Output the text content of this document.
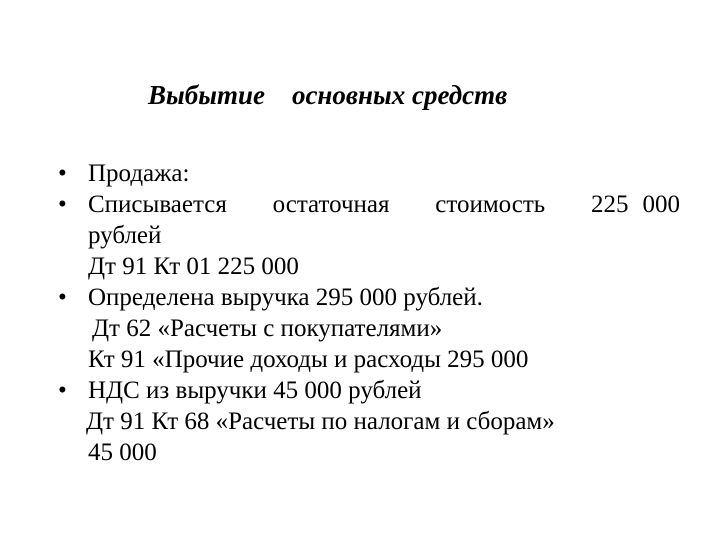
Выбытие    основных средств
• Продажа:
• Списывается остаточная стоимость 225 000
рублей
Дт 91 Кт 01 225 000
• Определена выручка 295 000 рублей.
Дт 62 «Расчеты с покупателями»
Кт 91 «Прочие доходы и расходы 295 000
• НДС из выручки 45 000 рублей
Дт 91 Кт 68 «Расчеты по налогам и сборам»
45 000
